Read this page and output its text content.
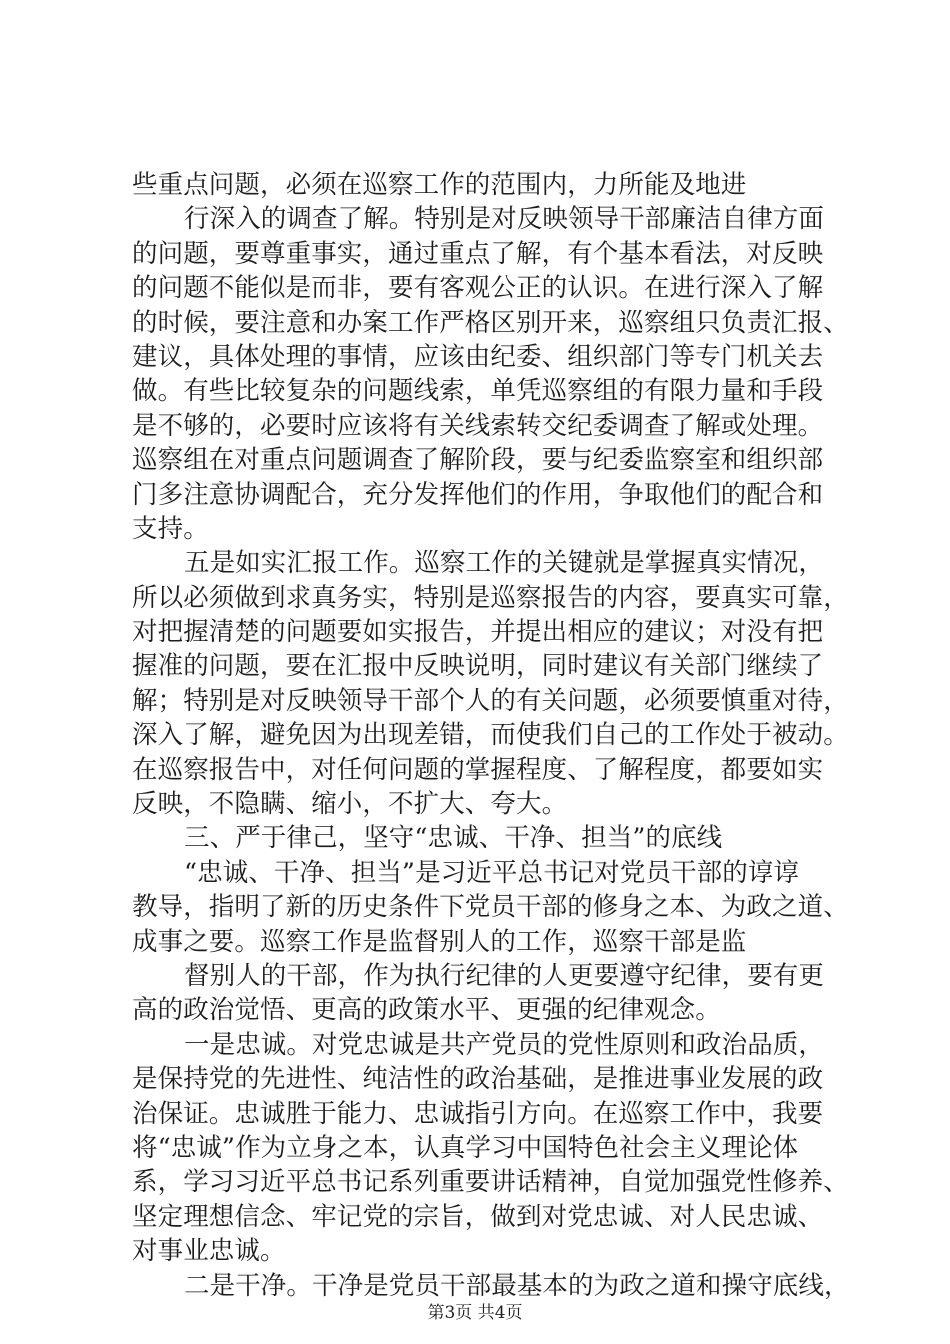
些重点问题，必须在巡察工作的范围内，力所能及地进
行深入的调查了解。特别是对反映领导干部廉洁自律方面
的问题，要尊重事实，通过重点了解，有个基本看法，对反映
的问题不能似是而非，要有客观公正的认识。在进行深入了解
的时候，要注意和办案工作严格区别开来，巡察组只负责汇报、
建议，具体处理的事情，应该由纪委、组织部门等专门机关去
做。有些比较复杂的问题线索，单凭巡察组的有限力量和手段
是不够的，必要时应该将有关线索转交纪委调查了解或处理。
巡察组在对重点问题调查了解阶段，要与纪委监察室和组织部
门多注意协调配合，充分发挥他们的作用，争取他们的配合和
支持。
五是如实汇报工作。巡察工作的关键就是掌握真实情况，
所以必须做到求真务实，特别是巡察报告的内容，要真实可靠，
对把握清楚的问题要如实报告，并提出相应的建议；对没有把
握准的问题，要在汇报中反映说明，同时建议有关部门继续了
解；特别是对反映领导干部个人的有关问题，必须要慎重对待，
深入了解，避免因为出现差错，而使我们自己的工作处于被动。
在巡察报告中，对任何问题的掌握程度、了解程度，都要如实
反映，不隐瞒、缩小，不扩大、夸大。
三、严于律己，坚守“忠诚、干净、担当”的底线
“忠诚、干净、担当”是习近平总书记对党员干部的谆谆
教导，指明了新的历史条件下党员干部的修身之本、为政之道、
成事之要。巡察工作是监督别人的工作，巡察干部是监
督别人的干部，作为执行纪律的人更要遵守纪律，要有更
高的政治觉悟、更高的政策水平、更强的纪律观念。
一是忠诚。对党忠诚是共产党员的党性原则和政治品质，
是保持党的先进性、纯洁性的政治基础，是推进事业发展的政
治保证。忠诚胜于能力、忠诚指引方向。在巡察工作中，我要
将“忠诚”作为立身之本，认真学习中国特色社会主义理论体
系，学习习近平总书记系列重要讲话精神，自觉加强党性修养、
坚定理想信念、牢记党的宗旨，做到对党忠诚、对人民忠诚、
对事业忠诚。
二是干净。干净是党员干部最基本的为政之道和操守底线，
第3页 共4页
